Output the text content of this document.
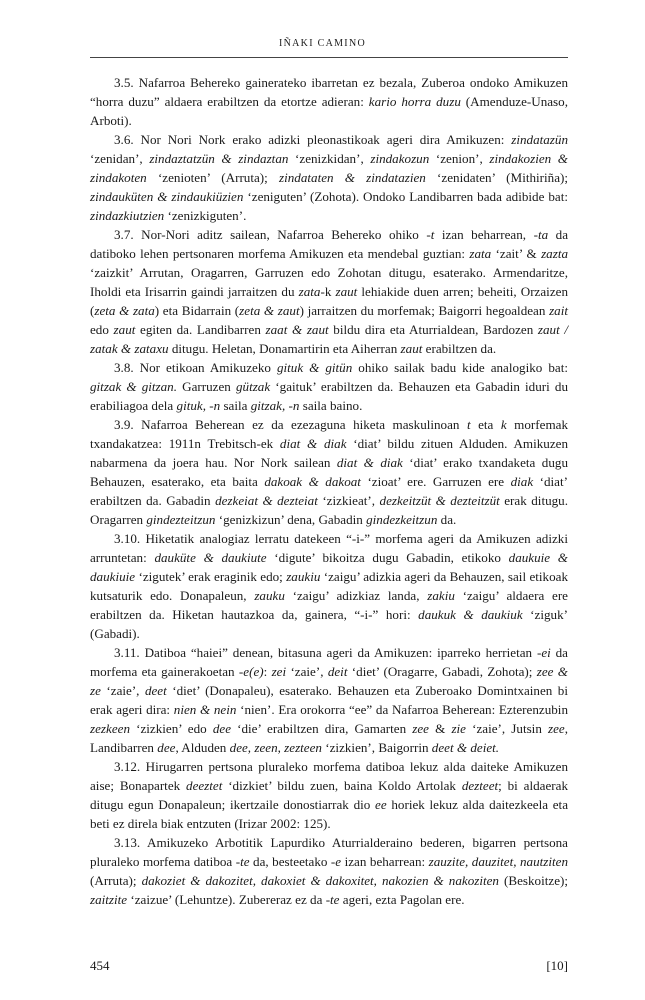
IÑAKI CAMINO

3.5. Nafarroa Behereko gainerateko ibarretan ez bezala, Zuberoa ondoko Amikuzen “horra duzu” aldaera erabiltzen da etortze adieran: kario horra duzu (Amenduze-Unaso, Arboti).

3.6. Nor Nori Nork erako adizki pleonastikoak ageri dira Amikuzen: zindatazün ‘zenidan’, zindaztatzün & zindaztan ‘zenizkidan’, zindakozun ‘zenion’, zindakozien & zindakoten ‘zenioten’ (Arruta); zindataten & zindatazien ‘zenidaten’ (Mithiriña); zindauküten & zindaukiüzien ‘zeniguten’ (Zohota). Ondoko Landibarren bada adibide bat: zindazkiutzien ‘zenizkiguten’.

3.7. Nor-Nori aditz sailean, Nafarroa Behereko ohiko -t izan beharrean, -ta da datiboko lehen pertsonaren morfema Amikuzen eta mendebal guztian: zata ‘zait’ & zazta ‘zaizkit’ Arrutan, Oragarren, Garruzen edo Zohotan ditugu, esaterako. Armendaritze, Iholdi eta Irisarrin gaindi jarraitzen du zata-k zaut lehiakide duen arren; beheiti, Orzaizen (zeta & zata) eta Bidarrain (zeta & zaut) jarraitzen du morfemak; Baigorri hegoaldean zait edo zaut egiten da. Landibarren zaat & zaut bildu dira eta Aturrialdean, Bardozen zaut / zatak & zataxu ditugu. Heletan, Donamartirin eta Aiherran zaut erabiltzen da.

3.8. Nor etikoan Amikuzeko gituk & gitün ohiko sailak badu kide analogiko bat: gitzak & gitzan. Garruzen gützak ‘gaituk’ erabiltzen da. Behauzen eta Gabadin iduri du erabiliagoa dela gituk, -n saila gitzak, -n saila baino.

3.9. Nafarroa Beherean ez da ezezaguna hiketa maskulinoan t eta k morfemak txandakatzea: 1911n Trebitsch-ek diat & diak ‘diat’ bildu zituen Alduden. Amikuzen nabarmena da joera hau. Nor Nork sailean diat & diak ‘diat’ erako txandaketa dugu Behauzen, esaterako, eta baita dakoak & dakoat ‘zioat’ ere. Garruzen ere diak ‘diat’ erabiltzen da. Gabadin dezkeiat & dezteiat ‘zizkieat’, dezkeitzüt & dezteitzüt erak ditugu. Oragarren gindezteitzun ‘genizkizun’ dena, Gabadin gindezkeitzun da.

3.10. Hiketatik analogiaz lerratu datekeen “-i-” morfema ageri da Amikuzen adizki arruntetan: dauküte & daukiute ‘digute’ bikoitza dugu Gabadin, etikoko daukuie & daukiuie ‘zigutek’ erak eraginik edo; zaukiu ‘zaigu’ adizkia ageri da Behauzen, sail etikoak kutsaturik edo. Donapaleun, zauku ‘zaigu’ adizkiaz landa, zakiu ‘zaigu’ aldaera ere erabiltzen da. Hiketan hautazkoa da, gainera, “-i-” hori: daukuk & daukiuk ‘ziguk’ (Gabadi).

3.11. Datiboa “haiei” denean, bitasuna ageri da Amikuzen: iparreko herrietan -ei da morfema eta gainerakoetan -e(e): zei ‘zaie’, deit ‘diet’ (Oragarre, Gabadi, Zohota); zee & ze ‘zaie’, deet ‘diet’ (Donapaleu), esaterako. Behauzen eta Zuberoako Domintxainen bi erak ageri dira: nien & nein ‘nien’. Era orokorra “ee” da Nafarroa Beherean: Ezterenzubin zezkeen ‘zizkien’ edo dee ‘die’ erabiltzen dira, Gamarten zee & zie ‘zaie’, Jutsin zee, Landibarren dee, Alduden dee, zeen, zezteen ‘zizkien’, Baigorrin deet & deiet.

3.12. Hirugarren pertsona pluraleko morfema datiboa lekuz alda daiteke Amikuzen aise; Bonapartek deeztet ‘dizkiet’ bildu zuen, baina Koldo Artolak dezteet; bi aldaerak ditugu egun Donapaleun; ikertzaile donostiarrak dio ee horiek lekuz alda daitezkeela eta beti ez direla biak entzuten (Irizar 2002: 125).

3.13. Amikuzeko Arbotitik Lapurdiko Aturrialderaino bederen, bigarren pertsona pluraleko morfema datiboa -te da, besteetako -e izan beharrean: zauzite, dauzitet, nautziten (Arruta); dakoziet & dakozitet, dakoxiet & dakoxitet, nakozien & nakoziten (Beskoitze); zaitzite ‘zaizue’ (Lehuntze). Zubereraz ez da -te ageri, ezta Pagolan ere.

454	[10]
